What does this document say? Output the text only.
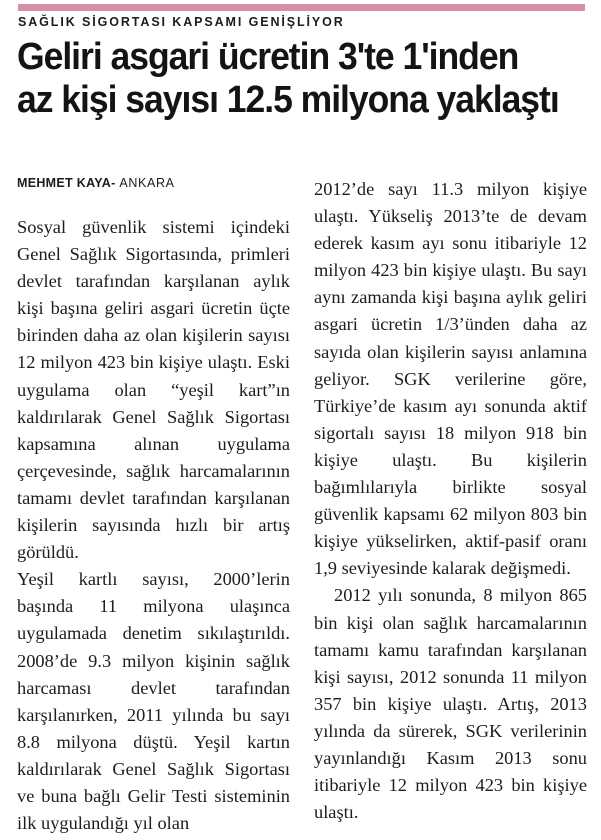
SAĞLIK SİGORTASI KAPSAMI GENİŞLİYOR
Geliri asgari ücretin 3'te 1'inden
az kişi sayısı 12.5 milyona yaklaştı

MEHMET KAYA- ANKARA

Sosyal güvenlik sistemi içindeki Genel Sağlık Sigortasında, primleri devlet tarafından karşılanan aylık kişi başına geliri asgari ücretin üçte birinden daha az olan kişilerin sayısı 12 milyon 423 bin kişiye ulaştı. Eski uygulama olan “yeşil kart”ın kaldırılarak Genel Sağlık Sigortası kapsamına alınan uygulama çerçevesinde, sağlık harcamalarının tamamı devlet tarafından karşılanan kişilerin sayısında hızlı bir artış görüldü.

Yeşil kartlı sayısı, 2000’lerin başında 11 milyona ulaşınca uygulamada denetim sıkılaştırıldı. 2008’de 9.3 milyon kişinin sağlık harcaması devlet tarafından karşılanırken, 2011 yılında bu sayı 8.8 milyona düştü. Yeşil kartın kaldırılarak Genel Sağlık Sigortası ve buna bağlı Gelir Testi sisteminin ilk uygulandığı yıl olan

2012’de sayı 11.3 milyon kişiye ulaştı. Yükseliş 2013’te de devam ederek kasım ayı sonu itibariyle 12 milyon 423 bin kişiye ulaştı. Bu sayı aynı zamanda kişi başına aylık geliri asgari ücretin 1/3’ünden daha az sayıda olan kişilerin sayısı anlamına geliyor. SGK verilerine göre, Türkiye’de kasım ayı sonunda aktif sigortalı sayısı 18 milyon 918 bin kişiye ulaştı. Bu kişilerin bağımlılarıyla birlikte sosyal güvenlik kapsamı 62 milyon 803 bin kişiye yükselirken, aktif-pasif oranı 1,9 seviyesinde kalarak değişmedi.

2012 yılı sonunda, 8 milyon 865 bin kişi olan sağlık harcamalarının tamamı kamu tarafından karşılanan kişi sayısı, 2012 sonunda 11 milyon 357 bin kişiye ulaştı. Artış, 2013 yılında da sürerek, SGK verilerinin yayınlandığı Kasım 2013 sonu itibariyle 12 milyon 423 bin kişiye ulaştı.
